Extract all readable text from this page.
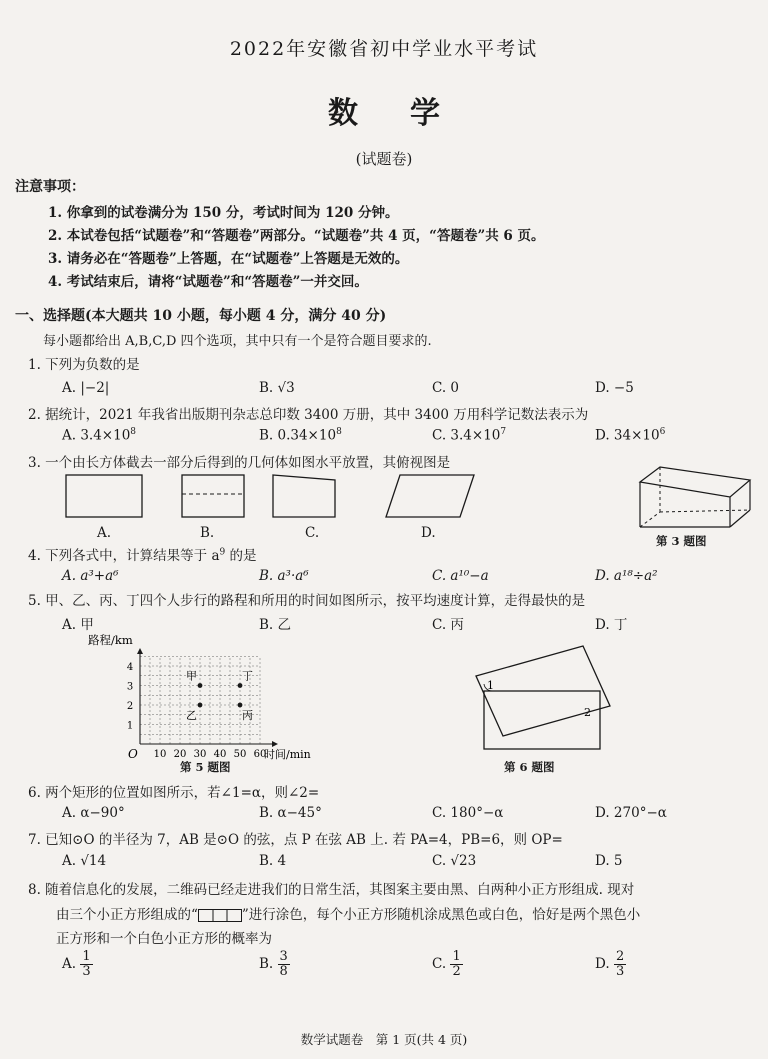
2022年安徽省初中学业水平考试
数 学
(试题卷)
注意事项：
1. 你拿到的试卷满分为 150 分，考试时间为 120 分钟。
2. 本试卷包括“试题卷”和“答题卷”两部分。“试题卷”共 4 页，“答题卷”共 6 页。
3. 请务必在“答题卷”上答题，在“试题卷”上答题是无效的。
4. 考试结束后，请将“试题卷”和“答题卷”一并交回。
一、选择题(本大题共 10 小题，每小题 4 分，满分 40 分)
每小题都给出 A,B,C,D 四个选项，其中只有一个是符合题目要求的.
1. 下列为负数的是
A. |−2|	B. √3	C. 0	D. −5
2. 据统计，2021 年我省出版期刊杂志总印数 3400 万册，其中 3400 万用科学记数法表示为
A. $3.4\times 10^8$	B. $0.34\times 10^8$	C. $3.4\times 10^7$	D. $34\times 10^6$
3. 一个由长方体截去一部分后得到的几何体如图水平放置，其俯视图是
A.	B.	C.	D.	第 3 题图
4. 下列各式中，计算结果等于 $a^9$ 的是
A. a³+a⁶	B. a³·a⁶	C. a¹⁰−a	D. a¹⁸÷a²
5. 甲、乙、丙、丁四个人步行的路程和所用的时间如图所示，按平均速度计算，走得最快的是
A. 甲	B. 乙	C. 丙	D. 丁
O
路程/km
时间/min
10 20 30 40 50 60
1
2
3
4
甲
乙	丙
丁
第 5 题图
1
2
第 6 题图
6. 两个矩形的位置如图所示，若∠1=α，则∠2=
A. α−90°	B. α−45°	C. 180°−α	D. 270°−α
7. 已知⊙O 的半径为 7，AB 是⊙O 的弦，点 P 在弦 AB 上. 若 PA=4，PB=6，则 OP=
A. √14	B. 4	C. √23	D. 5
8. 随着信息化的发展，二维码已经走进我们的日常生活，其图案主要由黑、白两种小正方形组成. 现对
由三个小正方形组成的“	”进行涂色，每个小正方形随机涂成黑色或白色，恰好是两个黑色小
正方形和一个白色小正方形的概率为
A. $\frac{1}{3}$	B. $\frac{3}{8}$	C. $\frac{1}{2}$	D. $\frac{2}{3}$
数学试题卷　第 1 页(共 4 页)
